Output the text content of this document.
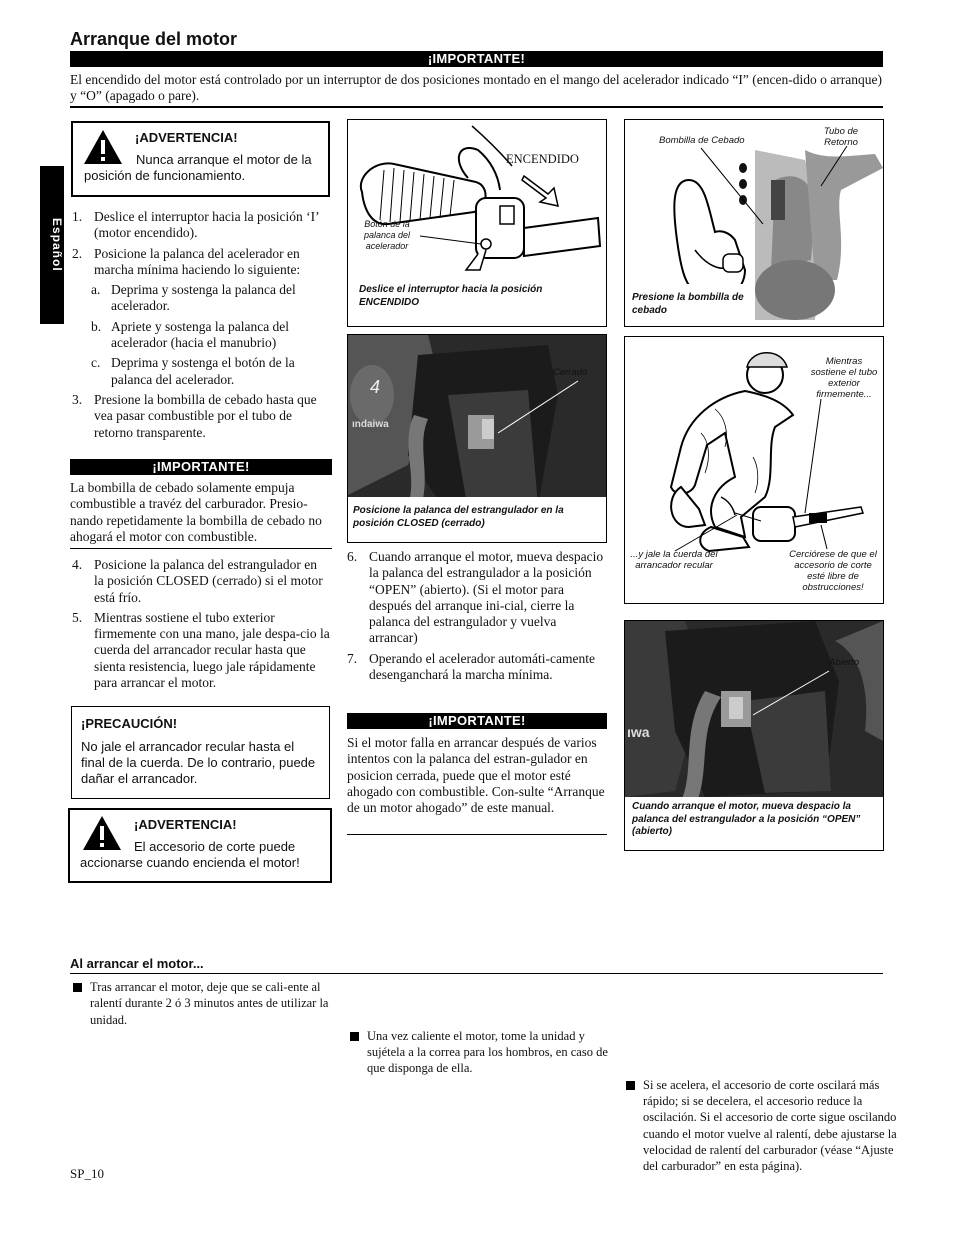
Arranque del motor
¡IMPORTANTE!
El encendido del motor está controlado por un interruptor de dos posiciones montado en el mango del acelerador indicado “I” (encen-dido o arranque) y “O” (apagado o pare).
Español
¡ADVERTENCIA!
Nunca arranque el motor de la posición de funcionamiento.
1. Deslice el interruptor hacia la posición ‘I’ (motor encendido).
2. Posicione la palanca del acelerador en marcha mínima haciendo lo siguiente:
a. Deprima y sostenga la palanca del acelerador.
b. Apriete y sostenga la palanca del acelerador (hacia el manubrio)
c. Deprima y sostenga el botón de la palanca del acelerador.
3. Presione la bombilla de cebado hasta que vea pasar combustible por el tubo de retorno transparente.
¡IMPORTANTE!
La bombilla de cebado solamente empuja combustible a travéz del carburador. Presio-nando repetidamente la bombilla de cebado no ahogará el motor con combustible.
4. Posicione la palanca del estrangulador en la posición CLOSED (cerrado) si el motor está frío.
5. Mientras sostiene el tubo exterior firmemente con una mano, jale despa-cio la cuerda del arrancador recular hasta que sienta resistencia, luego jale rápidamente para arrancar el motor.
¡PRECAUCIÓN!
No jale el arrancador recular hasta el final de la cuerda. De lo contrario, puede dañar el arrancador.
¡ADVERTENCIA!
El accesorio de corte puede accionarse cuando encienda el motor!
ENCENDIDO
Botón de la palanca del acelerador
Deslice el interruptor hacia la posición ENCENDIDO
4
ındaiwa
Cerrado
Posicione la palanca del estrangulador en la posición CLOSED (cerrado)
6. Cuando arranque el motor, mueva despacio la palanca del estrangulador a la posición “OPEN” (abierto). (Si el motor para después del arranque ini-cial, cierre la palanca del estrangulador y vuelva arrancar)
7. Operando el acelerador automáti-camente desenganchará la marcha mínima.
¡IMPORTANTE!
Si el motor falla en arrancar después de varios intentos con la palanca del estran-gulador en posicion cerrada, puede que el motor esté ahogado con combustible. Con-sulte “Arranque de un motor ahogado” de este manual.
Bombilla de Cebado
Tubo de Retorno
Presione la bombilla de cebado
Mientras sostiene el tubo exterior firmemente...
...y jale la cuerda del arrancador recular
Cerciórese de que el accesorio de corte esté libre de obstrucciones!
ıwa
Abierto
Cuando arranque el motor, mueva despacio la palanca del estrangulador a la posición “OPEN” (abierto)
Al arrancar el motor...
Tras arrancar el motor, deje que se cali-ente al ralentí durante 2 ó 3 minutos antes de utilizar la unidad.
Una vez caliente el motor, tome la unidad y sujétela a la correa para los hombros, en caso de que disponga de ella.
Si se acelera, el accesorio de corte oscilará más rápido; si se decelera, el accesorio reduce la oscilación. Si el accesorio de corte sigue oscilando cuando el motor vuelve al ralentí, debe ajustarse la velocidad de ralentí del carburador (véase “Ajuste del carburador” en esta página).
SP_10
